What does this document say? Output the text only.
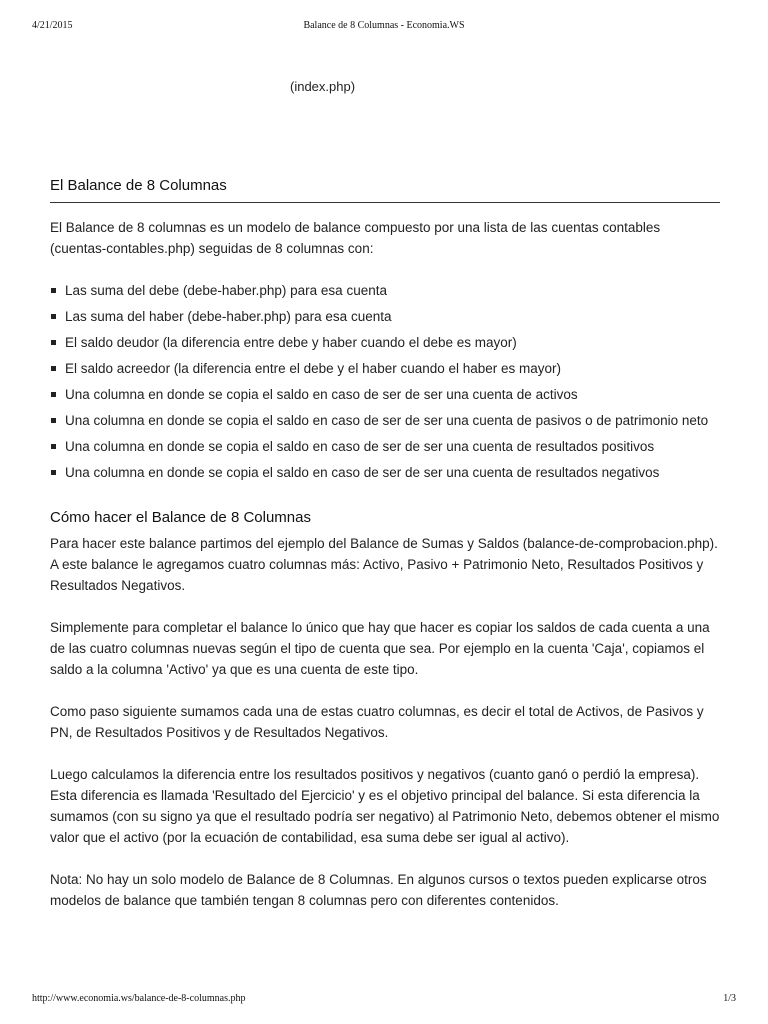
4/21/2015	Balance de 8 Columnas - Economia.WS
(index.php)
El Balance de 8 Columnas

El Balance de 8 columnas es un modelo de balance compuesto por una lista de las cuentas contables (cuentas-contables.php) seguidas de 8 columnas con:

Las suma del debe (debe-haber.php) para esa cuenta
Las suma del haber (debe-haber.php) para esa cuenta
El saldo deudor (la diferencia entre debe y haber cuando el debe es mayor)
El saldo acreedor (la diferencia entre el debe y el haber cuando el haber es mayor)
Una columna en donde se copia el saldo en caso de ser de ser una cuenta de activos
Una columna en donde se copia el saldo en caso de ser de ser una cuenta de pasivos o de patrimonio neto
Una columna en donde se copia el saldo en caso de ser de ser una cuenta de resultados positivos
Una columna en donde se copia el saldo en caso de ser de ser una cuenta de resultados negativos
Cómo hacer el Balance de 8 Columnas

Para hacer este balance partimos del ejemplo del Balance de Sumas y Saldos (balance-de-comprobacion.php). A este balance le agregamos cuatro columnas más: Activo, Pasivo + Patrimonio Neto, Resultados Positivos y Resultados Negativos.

Simplemente para completar el balance lo único que hay que hacer es copiar los saldos de cada cuenta a una de las cuatro columnas nuevas según el tipo de cuenta que sea. Por ejemplo en la cuenta 'Caja', copiamos el saldo a la columna 'Activo' ya que es una cuenta de este tipo.

Como paso siguiente sumamos cada una de estas cuatro columnas, es decir el total de Activos, de Pasivos y PN, de Resultados Positivos y de Resultados Negativos.

Luego calculamos la diferencia entre los resultados positivos y negativos (cuanto ganó o perdió la empresa). Esta diferencia es llamada 'Resultado del Ejercicio' y es el objetivo principal del balance. Si esta diferencia la sumamos (con su signo ya que el resultado podría ser negativo) al Patrimonio Neto, debemos obtener el mismo valor que el activo (por la ecuación de contabilidad, esa suma debe ser igual al activo).

Nota: No hay un solo modelo de Balance de 8 Columnas. En algunos cursos o textos pueden explicarse otros modelos de balance que también tengan 8 columnas pero con diferentes contenidos.

http://www.economia.ws/balance-de-8-columnas.php	1/3
